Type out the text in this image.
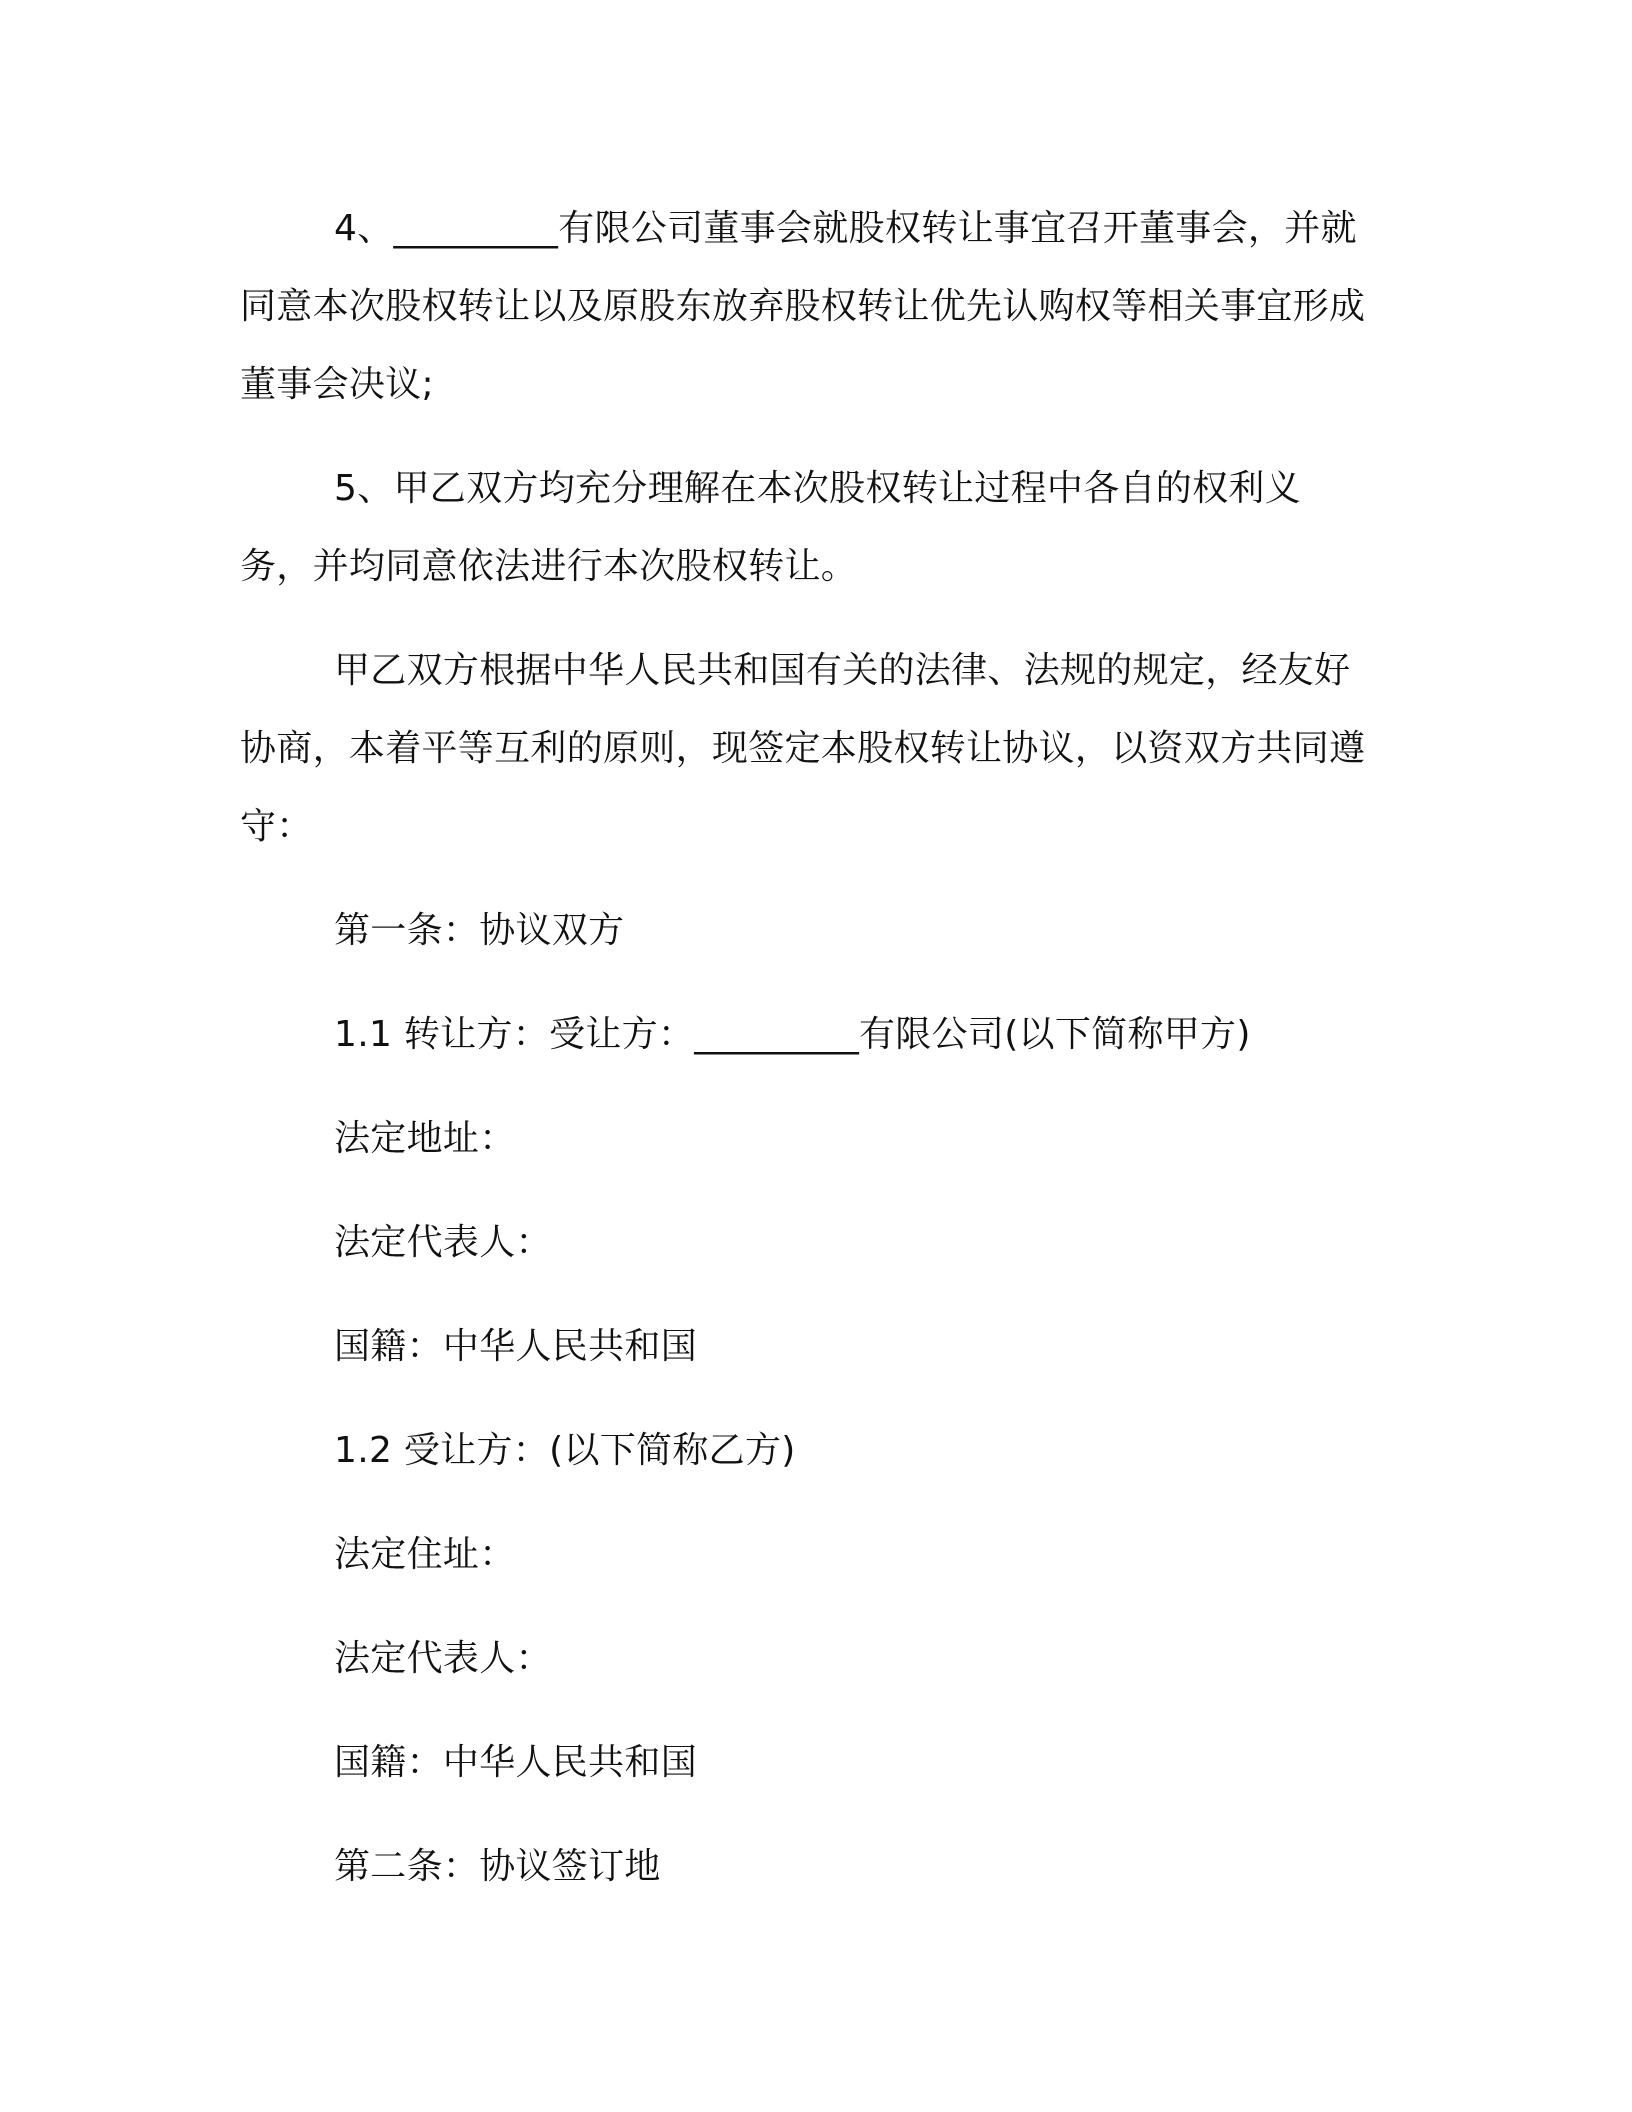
4、_________有限公司董事会就股权转让事宜召开董事会，并就同意本次股权转让以及原股东放弃股权转让优先认购权等相关事宜形成董事会决议;

5、甲乙双方均充分理解在本次股权转让过程中各自的权利义务，并均同意依法进行本次股权转让。

甲乙双方根据中华人民共和国有关的法律、法规的规定，经友好协商，本着平等互利的原则，现签定本股权转让协议，以资双方共同遵守：

第一条：协议双方

1.1 转让方：受让方：_________有限公司(以下简称甲方)

法定地址：

法定代表人：

国籍：中华人民共和国

1.2 受让方：(以下简称乙方)

法定住址：

法定代表人：

国籍：中华人民共和国

第二条：协议签订地
